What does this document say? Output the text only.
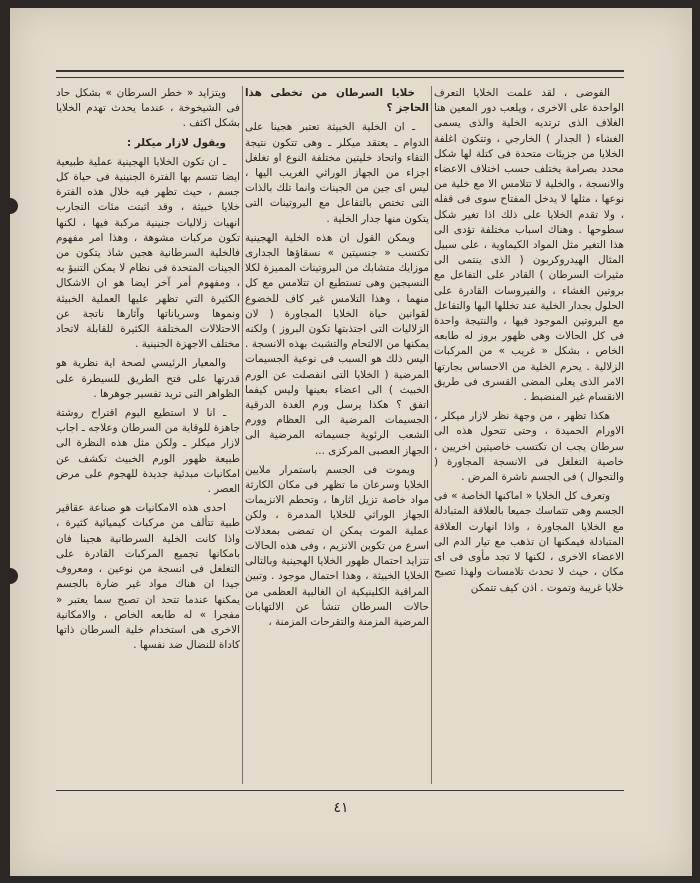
الفوضى ، لقد علمت الخلايا التعرف الواحدة على الاخرى ، ويلعب دور المعين هنا الغلاف الذى ترتديه الخلية والذى يسمى الغشاء ( الجدار ) الخارجي ، وتتكون اغلفة الخلايا من جزيئات متحدة فى كتلة لها شكل محدد بصرامة يختلف حسب اختلاف الاعضاء والانسجة ، والخلية لا تتلامس الا مع خلية من نوعها ، مثلها لا يدخل المفتاح سوى فى قفله ، ولا تقدم الخلايا على ذلك اذا تغير شكل سطوحها . وهناك اسباب مختلفة تؤدى الى هذا التغير مثل المواد الكيماوية ، على سبيل المثال الهيدروكربون ( الذى ينتمى الى مثيرات السرطان ) القادر على التفاعل مع بروتين الغشاء ، والفيروسات القادرة على الحلول بجدار الخلية عند تخللها اليها والتفاعل مع البروتين الموجود فيها ، والنتيجة واحدة فى كل الحالات وهى ظهور بروز له طابعه الخاص ، بشكل « غريب » من المركبات الزلالية . يحرم الخلية من الاحساس بجارتها الامر الذى يعلى المضى القسرى فى طريق الانقسام غير المنضبط .

هكذا تظهر ، من وجهة نظر لازار ميكلر ، الاورام الحميدة ، وحتى تتحول هذه الى سرطان يجب ان تكتسب خاصيتين اخريين ، خاصية التغلغل فى الانسجة المجاورة ( والتجوال ) فى الجسم ناشرة المرض .

وتعرف كل الخلايا « اماكنها الخاصة » فى الجسم وهى تتماسك جميعا بالعلاقة المتبادلة مع الخلايا المجاورة ، واذا انهارت العلاقة المتبادلة فيمكنها ان تذهب مع تيار الدم الى الاعضاء الاخرى ، لكنها لا تجد مأوى فى اى مكان ، حيث لا تحدث تلامسات ولهذا تصبح خلايا غريبة وتموت . اذن كيف تتمكن

خلايا السرطان من تخطى هذا الحاجز ؟

ـ ان الخلية الخبيثة تعتبر هجينا على الدوام ـ يعتقد ميكلر ـ وهى تتكون نتيجة التقاء واتحاد خليتين مختلفة النوع او تغلغل اجزاء من الجهاز الوراثي الغريب اليها ، ليس اى جين من الجينات وانما تلك بالذات التى تختص بالتفاعل مع البروتينات التى يتكون منها جدار الخلية .

ويمكن القول ان هذه الخلية الهجينية تكتسب « جنسيتين » نسقاؤها الجدارى موزايك متشابك من البروتينات المميزة لكلا النسيجين وهى تستطيع ان تتلامس مع كل منهما ، وهذا التلامس غير كاف للخضوع لقوانين حياة الخلايا المجاورة ( لان الزلاليات التى اجتذبتها تكون البروز ) ولكنه يمكنها من الالتحام والتشبث بهذه الانسجة . اليس ذلك هو السبب فى نوعية الجسيمات المرضية ( الخلايا التى انفصلت عن الورم الخبيث ) الى اعضاء بعينها وليس كيفما اتفق ؟ هكذا يرسل ورم الغدة الدرقية الجسيمات المرضية الى العظام وورم الشعب الرئوية جسيماته المرضية الى الجهاز العصبى المركزى ...

ويموت فى الجسم باستمرار ملايين الخلايا وسرعان ما تظهر فى مكان الكارثة مواد خاصة تزيل اثارها ، وتحطم الانزيمات الجهاز الوراثي للخلايا المدمرة ، ولكن عملية الموت يمكن ان تمضى بمعدلات اسرع من تكوين الانزيم ، وفى هذه الحالات تتزايد احتمال ظهور الخلايا الهجينية وبالتالى الخلايا الخبيثة ، وهذا احتمال موجود . وتبين المراقبة الكلينيكية ان الغالبية العظمى من حالات السرطان تنشأ عن الالتهابات المرضية المزمنة والتقرحات المزمنة ،

ويتزايد « خطر السرطان » بشكل حاد فى الشيخوخة ، عندما يحدث تهدم الخلايا بشكل اكثف .

ويقول لازار ميكلر :

ـ ان تكون الخلايا الهجينية عملية طبيعية ايضا تتسم بها الفترة الجنينية فى حياة كل جسم ، حيث تظهر فيه خلال هذه الفترة خلايا خبيثة ، وقد اثبتت مئات التجارب انهيات زلاليات جنينية مركبة فيها ، لكنها تكون مركبات مشوهة ، وهذا امر مفهوم فالخلية السرطانية هجين شاذ يتكون من الجينات المتحدة فى نظام لا يمكن التنبؤ به ، ومفهوم أمر آخر ايضا هو ان الاشكال الكثيرة التي تظهر عليها العملية الخبيثة ونموها وسرياناتها وآثارها ناتجة عن الاحتلالات المختلفة الكثيرة للقابلة لاتحاد مختلف الاجهزة الجنينية .

والمعيار الرئيسي لصحة اية نظرية هو قدرتها على فتح الطريق للسيطرة على الظواهر التى تريد تفسير جوهرها .

ـ انا لا استطيع اليوم اقتراح روشتة جاهزة للوقاية من السرطان وعلاجه ـ اجاب لازار ميكلر ـ ولكن مثل هذه النظرة الى طبيعة ظهور الورم الخبيث تكشف عن امكانيات مبدئية جديدة للهجوم على مرض العصر .

احدى هذه الامكانيات هو صناعة عقاقير طبية تتألف من مركبات كيميائية كثيرة ، واذا كانت الخلية السرطانية هجينا فان بامكانها تجميع المركبات القادرة على التغلغل فى انسجة من نوعين ، ومعروف جيدا ان هناك مواد غير ضارة بالجسم يمكنها عندما تتحد ان تصبح سما يعتبر « مفجرا » له طابعه الخاص ، والامكانية الاخرى هى استخدام خلية السرطان ذاتها كاداة للنضال ضد نفسها .

٤١
